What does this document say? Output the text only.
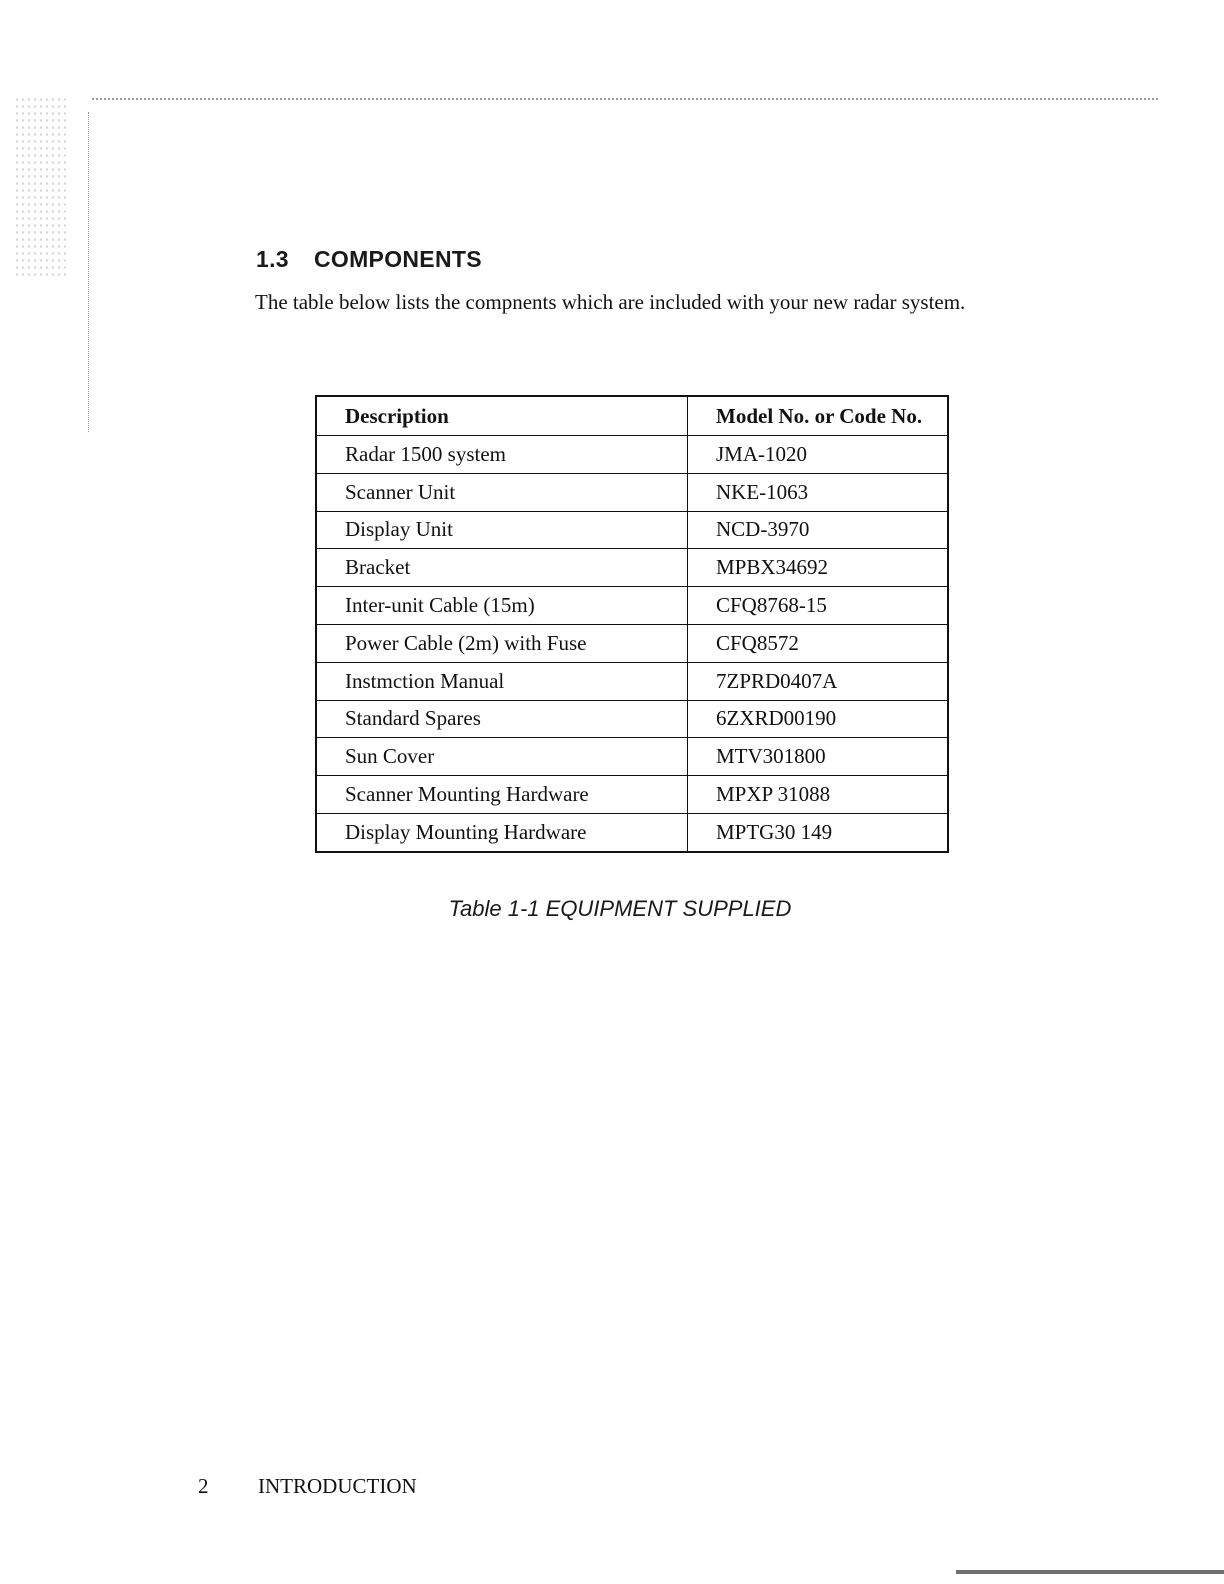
1.3 COMPONENTS

The table below lists the compnents which are included with your new radar system.

Description	Model No. or Code No.
Radar 1500 system	JMA-1020
Scanner Unit	NKE-1063
Display Unit	NCD-3970
Bracket	MPBX34692
Inter-unit Cable (15m)	CFQ8768-15
Power Cable (2m) with Fuse	CFQ8572
Instmction Manual	7ZPRD0407A
Standard Spares	6ZXRD00190
Sun Cover	MTV301800
Scanner Mounting Hardware	MPXP 31088
Display Mounting Hardware	MPTG30 149

Table 1-1 EQUIPMENT SUPPLIED

2 INTRODUCTION
